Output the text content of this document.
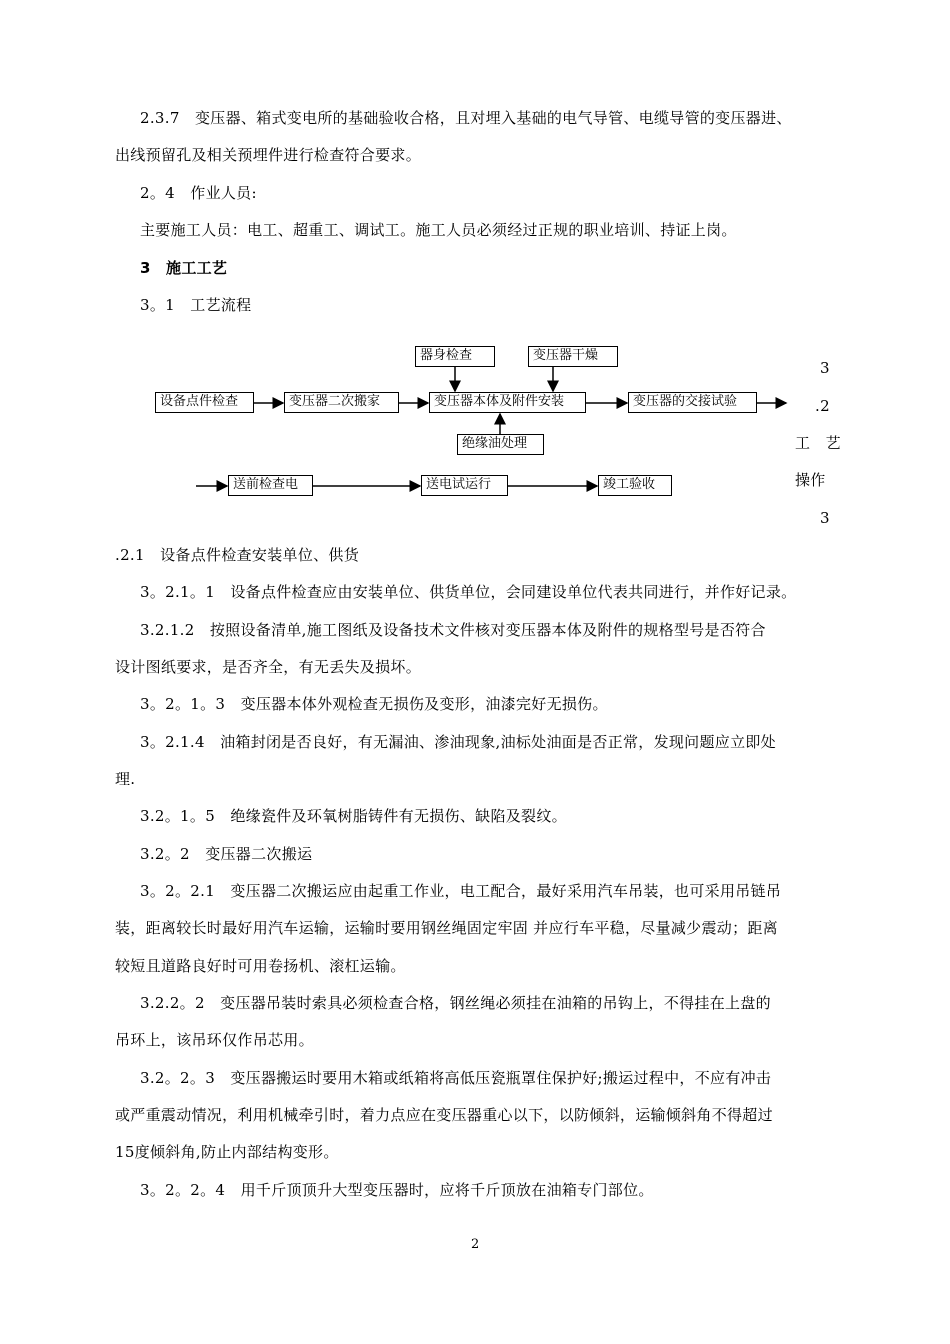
2.3.7　变压器、箱式变电所的基础验收合格，且对埋入基础的电气导管、电缆导管的变压器进、
出线预留孔及相关预埋件进行检查符合要求。
2。4　作业人员:
主要施工人员：电工、超重工、调试工。施工人员必须经过正规的职业培训、持证上岗。
3　施工工艺
3。1　工艺流程
器身检查	变压器干燥
设备点件检查	变压器二次搬家	变压器本体及附件安装	变压器的交接试验
绝缘油处理
送前检查电	送电试运行	竣工验收
3
.2
工　艺
操作
3
.2.1　设备点件检查安装单位、供货
3。2.1。1　设备点件检查应由安装单位、供货单位，会同建设单位代表共同进行，并作好记录。
3.2.1.2　按照设备清单,施工图纸及设备技术文件核对变压器本体及附件的规格型号是否符合
设计图纸要求，是否齐全，有无丢失及损坏。
3。2。1。3　变压器本体外观检查无损伤及变形，油漆完好无损伤。
3。2.1.4　油箱封闭是否良好，有无漏油、渗油现象,油标处油面是否正常，发现问题应立即处
理.
3.2。1。5　绝缘瓷件及环氧树脂铸件有无损伤、缺陷及裂纹。
3.2。2　变压器二次搬运
3。2。2.1　变压器二次搬运应由起重工作业，电工配合，最好采用汽车吊装，也可采用吊链吊
装，距离较长时最好用汽车运输，运输时要用钢丝绳固定牢固 并应行车平稳，尽量减少震动；距离
较短且道路良好时可用卷扬机、滚杠运输。
3.2.2。2　变压器吊装时索具必须检查合格，钢丝绳必须挂在油箱的吊钩上，不得挂在上盘的
吊环上，该吊环仅作吊芯用。
3.2。2。3　变压器搬运时要用木箱或纸箱将高低压瓷瓶罩住保护好;搬运过程中，不应有冲击
或严重震动情况，利用机械牵引时，着力点应在变压器重心以下，以防倾斜，运输倾斜角不得超过
15度倾斜角,防止内部结构变形。
3。2。2。4　用千斤顶顶升大型变压器时，应将千斤顶放在油箱专门部位。
2
